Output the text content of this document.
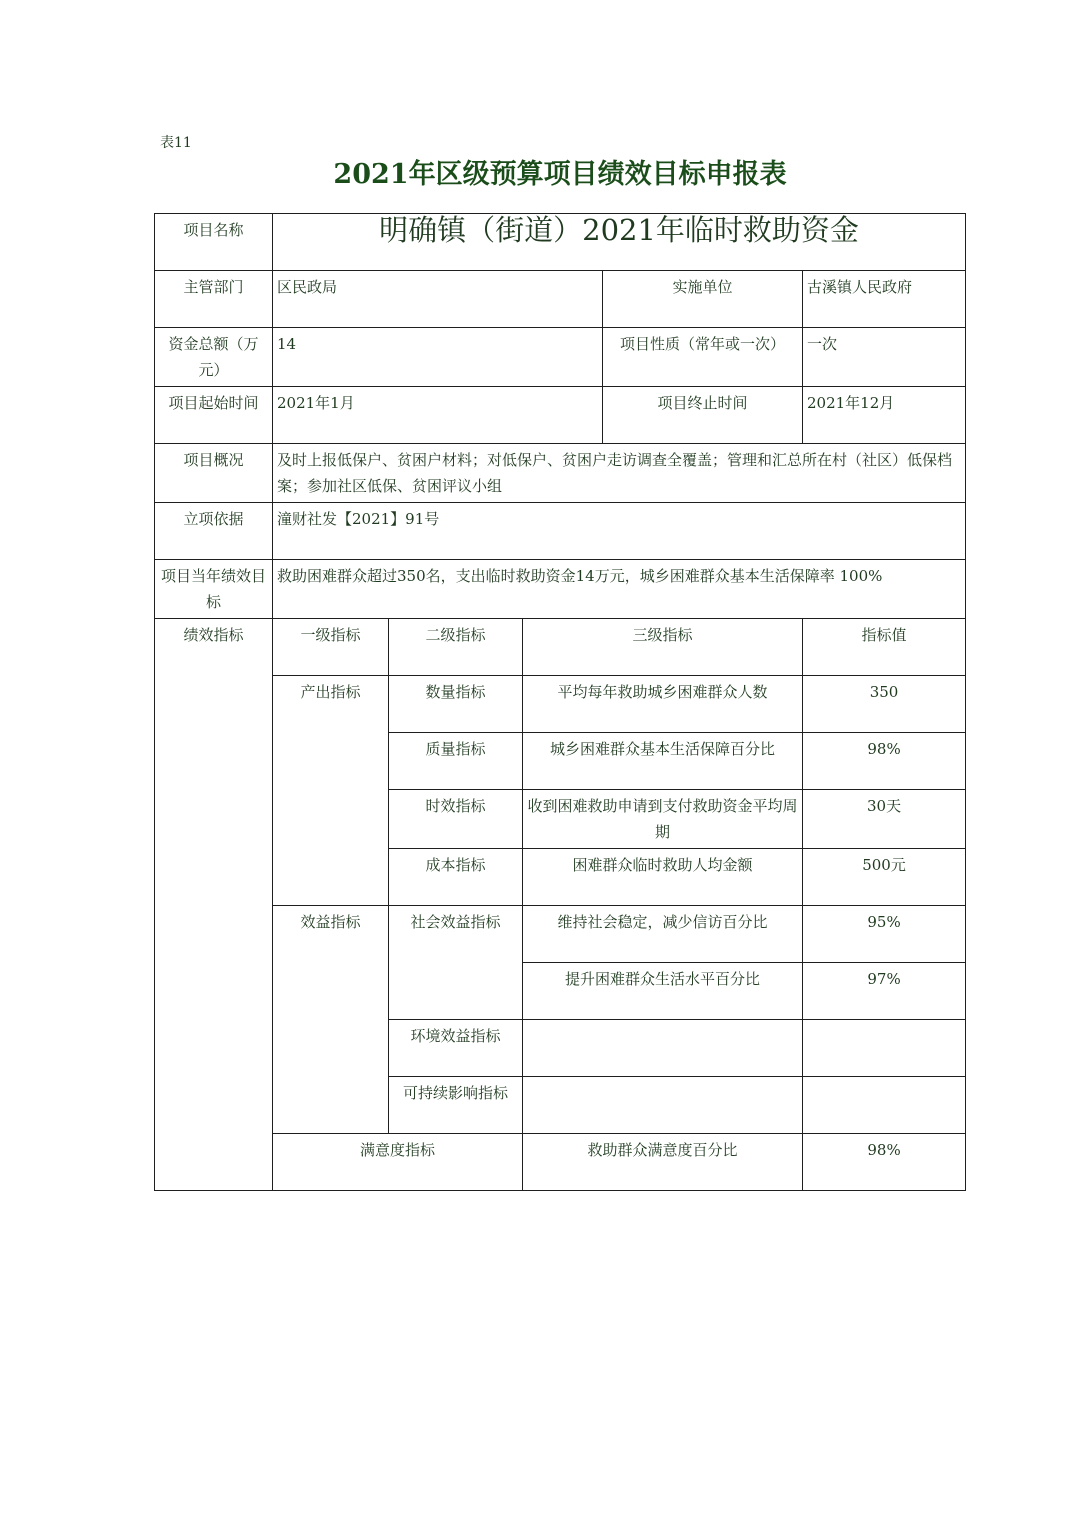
表11
2021年区级预算项目绩效目标申报表
项目名称	明确镇（街道）2021年临时救助资金				
主管部门	区民政局			实施单位	古溪镇人民政府
资金总额（万元）	14			项目性质（常年或一次）	一次
项目起始时间	2021年1月			项目终止时间	2021年12月
项目概况	及时上报低保户、贫困户材料；对低保户、贫困户走访调查全覆盖；管理和汇总所在村（社区）低保档案；参加社区低保、贫困评议小组				
立项依据	潼财社发【2021】91号				
项目当年绩效目标	救助困难群众超过350名，支出临时救助资金14万元，城乡困难群众基本生活保障率 100%				
绩效指标	一级指标	二级指标	三级指标		指标值
	产出指标	数量指标	平均每年救助城乡困难群众人数		350
		质量指标	城乡困难群众基本生活保障百分比		98%
		时效指标	收到困难救助申请到支付救助资金平均周期		30天
		成本指标	困难群众临时救助人均金额		500元
	效益指标	社会效益指标	维持社会稳定，减少信访百分比		95%
			提升困难群众生活水平百分比		97%
		环境效益指标			
		可持续影响指标			
	满意度指标		救助群众满意度百分比		98%
